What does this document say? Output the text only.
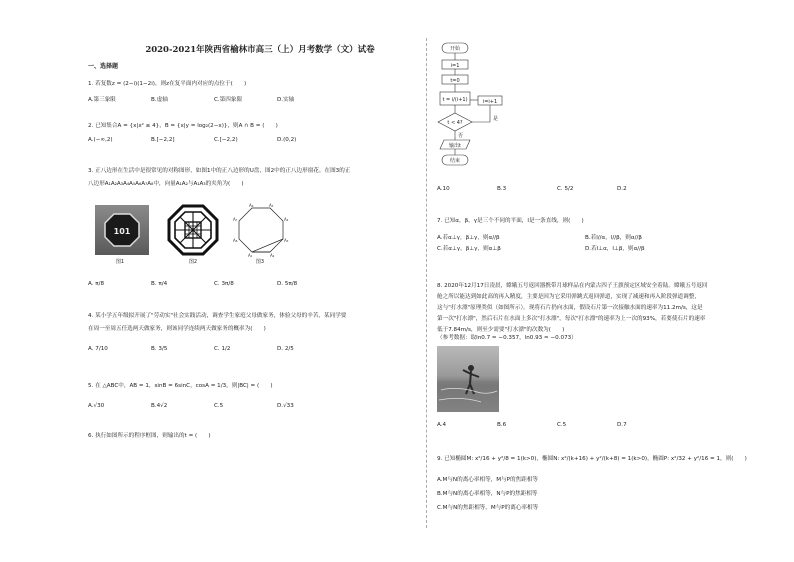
2020-2021年陕西省榆林市高三（上）月考数学（文）试卷
一、选择题
1. 若复数z = (2−i)(1−2i)，则z在复平面内对应的点位于(　　)
A.第三象限	B.虚轴	C.第四象限	D.实轴
2. 已知集合A = {x|x² ≤ 4}，B = {x|y = log₂(2−x)}，则A ∩ B = (　　)
A.(−∞,2)	B.[−2,2]	C.[−2,2)	D.(0,2)
3. 正八边形在生活中是很常见的对称图形，如图1中的正八边形的U盘，图2中的正八边形窗花。在图3的正
八边形A₁A₂A₃A₄A₅A₆A₇A₈中，向量A₁A₂与A₁A₃的夹角为(　　)
101
A₆	A₅
A₄
A₃
A₂
A₁
A₈
A₇
图1	图2	图3
A. π/8	B. π/4	C. 3π/8	D. 5π/8
4. 某小学五年级拟开展了"劳动实"社会实践活动，调查学生家庭父母做家务，体验父母的辛苦，某同学要
在周一至周五任选两天做家务，则该同学连续两天做家务的概率为(　　)
A. 7/10	B. 3/5	C. 1/2	D. 2/5
5. 在 △ABC中，AB = 1，sinB = 6sinC，cosA = 1/3，则|BC| = (　　)
A.√30	B.4√2	C.5	D.√33
6. 执行如图所示的程序框图，则输出的t = (　　)
开始
i=1
t=0
t = i/(i+1)	i=i+1
t < 4?
是
否
输出t
结束
A.10	B.3	C. 5/2	D.2
7. 已知α，β，γ是三个不同的平面，l是一条直线，则(　　)
A.若α⊥γ，β⊥γ，则α//β	B.若l//α，l//β，则α//β
C.若α⊥γ，β⊥γ，则α⊥β	D.若l⊥α，l⊥β，则α//β
8. 2020年12月17日凌晨，嫦娥五号返回器携带月球样品在内蒙古四子王旗预定区域安全着陆。嫦娥五号返回
舱之所以能达到如此高的再入精度，主要是因为它采用弹跳式返回弹道，实现了减速和再入阶段弹道调整，
这与"打水漂"原理类似（如图所示）。现将石片扔向水面，假设石片第一次接触水面的速率为11.2m/s，这是
第一次"打水漂"，然后石片在水面上多次"打水漂"，每次"打水漂"的速率为上一次的93%，若要使石片的速率
低于7.84m/s，则至少需要"打水漂"的次数为(　　)
（参考数据：取ln0.7 ≈ −0.357，ln0.93 ≈ −0.073）
A.4	B.6	C.5	D.7
9. 已知椭圆M: x²/16 + y²/8 = 1(k>0)，椭圆N: x²/(k+16) + y²/(k+8) = 1(k>0)，椭圆P: x²/32 + y²/16 = 1，则(　　)
A.M与N的离心率相等，M与P的焦距相等
B.M与N的离心率相等，N与P的焦距相等
C.M与N的焦距相等，M与P的离心率相等
